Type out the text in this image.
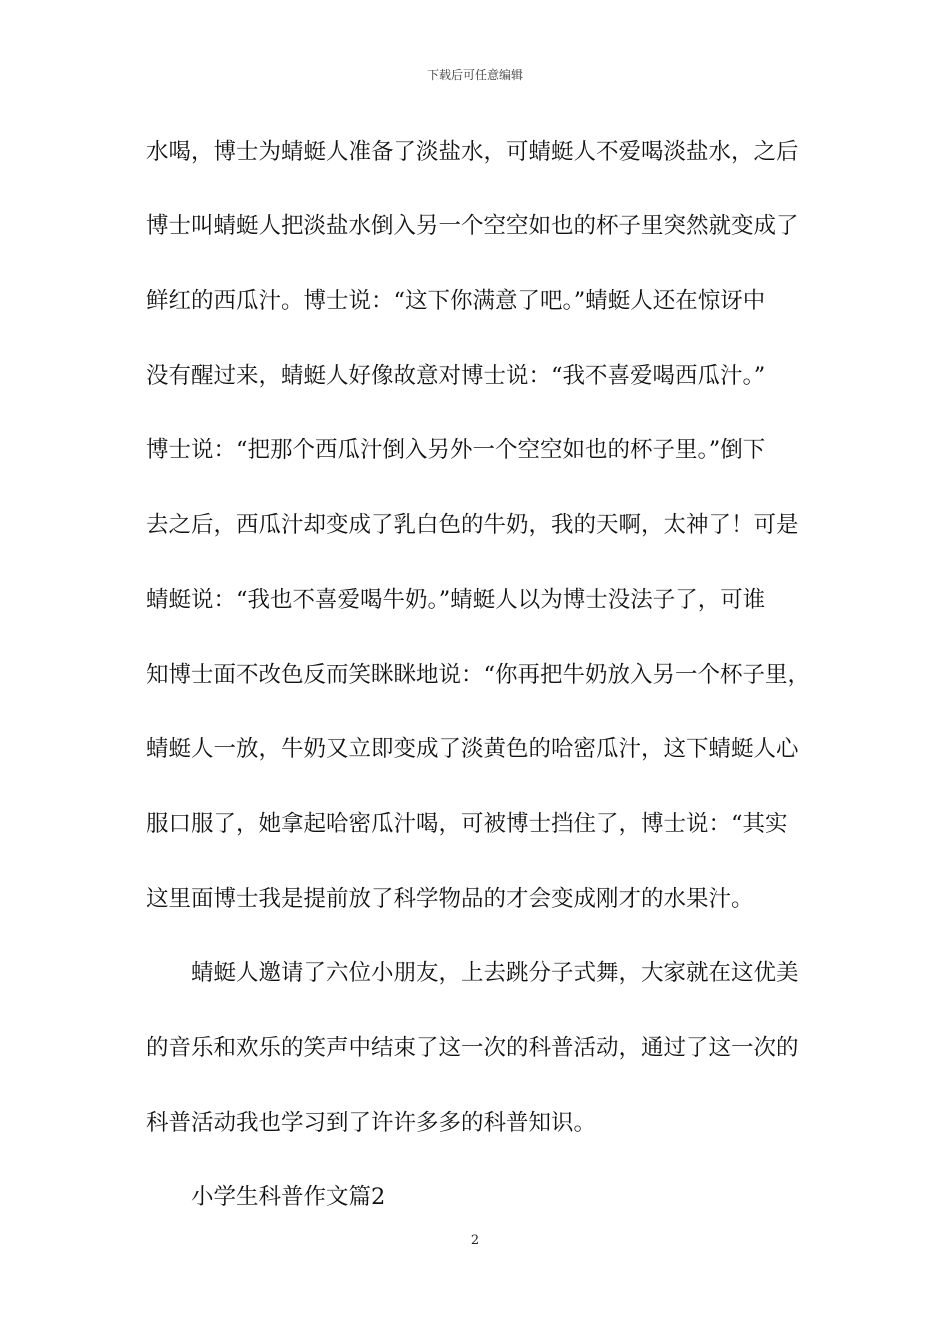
下载后可任意编辑
水喝，博士为蜻蜓人准备了淡盐水，可蜻蜓人不爱喝淡盐水，之后
博士叫蜻蜓人把淡盐水倒入另一个空空如也的杯子里突然就变成了
鲜红的西瓜汁。博士说：“这下你满意了吧。”蜻蜓人还在惊讶中
没有醒过来，蜻蜓人好像故意对博士说：“我不喜爱喝西瓜汁。”
博士说：“把那个西瓜汁倒入另外一个空空如也的杯子里。”倒下
去之后，西瓜汁却变成了乳白色的牛奶，我的天啊，太神了！可是
蜻蜓说：“我也不喜爱喝牛奶。”蜻蜓人以为博士没法子了，可谁
知博士面不改色反而笑眯眯地说：“你再把牛奶放入另一个杯子里，
蜻蜓人一放，牛奶又立即变成了淡黄色的哈密瓜汁，这下蜻蜓人心
服口服了，她拿起哈密瓜汁喝，可被博士挡住了，博士说：“其实
这里面博士我是提前放了科学物品的才会变成刚才的水果汁。
蜻蜓人邀请了六位小朋友，上去跳分子式舞，大家就在这优美
的音乐和欢乐的笑声中结束了这一次的科普活动，通过了这一次的
科普活动我也学习到了许许多多的科普知识。
小学生科普作文篇2
2
